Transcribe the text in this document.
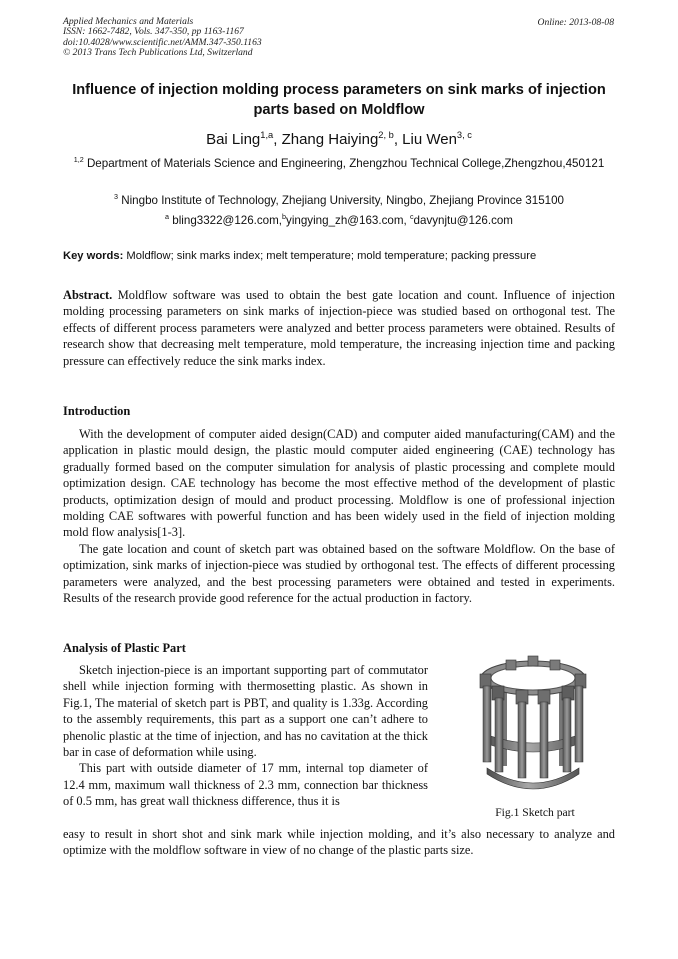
Applied Mechanics and Materials
ISSN: 1662-7482, Vols. 347-350, pp 1163-1167
doi:10.4028/www.scientific.net/AMM.347-350.1163
© 2013 Trans Tech Publications Ltd, Switzerland
Online: 2013-08-08
Influence of injection molding process parameters on sink marks of injection parts based on Moldflow
Bai Ling$^{1,a}$, Zhang Haiying$^{2, b}$, Liu Wen$^{3, c}$
$^{1,2}$ Department of Materials Science and Engineering, Zhengzhou Technical College,Zhengzhou,450121
$^3$ Ningbo Institute of Technology, Zhejiang University, Ningbo, Zhejiang Province 315100
$^a$ bling3322@126.com,$^b$yingying_zh@163.com, $^c$davynjtu@126.com
Key words: Moldflow; sink marks index; melt temperature; mold temperature; packing pressure
Abstract. Moldflow software was used to obtain the best gate location and count. Influence of injection molding processing parameters on sink marks of injection-piece was studied based on orthogonal test. The effects of different process parameters were analyzed and better process parameters were obtained. Results of research show that decreasing melt temperature, mold temperature, the increasing injection time and packing pressure can effectively reduce the sink marks index.
Introduction

With the development of computer aided design(CAD) and computer aided manufacturing(CAM) and the application in plastic mould design, the plastic mould computer aided engineering (CAE) technology has gradually formed based on the computer simulation for analysis of plastic processing and complete mould optimization design. CAE technology has become the most effective method of the development of plastic products, optimization design of mould and product processing. Moldflow is one of professional injection molding CAE softwares with powerful function and has been widely used in the field of injection molding mold flow analysis[1-3].

The gate location and count of sketch part was obtained based on the software Moldflow. On the base of optimization, sink marks of injection-piece was studied by orthogonal test. The effects of different processing parameters were analyzed, and the best processing parameters were obtained and tested in experiments. Results of the research provide good reference for the actual production in factory.

Analysis of Plastic Part

Sketch injection-piece is an important supporting part of commutator shell while injection forming with thermosetting plastic. As shown in Fig.1, The material of sketch part is PBT, and quality is 1.33g. According to the assembly requirements, this part as a support one can’t adhere to phenolic plastic at the time of injection, and has no cavitation at the thick bar in case of deformation while using.

This part with outside diameter of 17 mm, internal top diameter of 12.4 mm, maximum wall thickness of 2.3 mm, connection bar thickness of 0.5 mm, has great wall thickness difference, thus it is

easy to result in short shot and sink mark while injection molding, and it’s also necessary to analyze and optimize with the moldflow software in view of no change of the plastic parts size.
Fig.1 Sketch part
